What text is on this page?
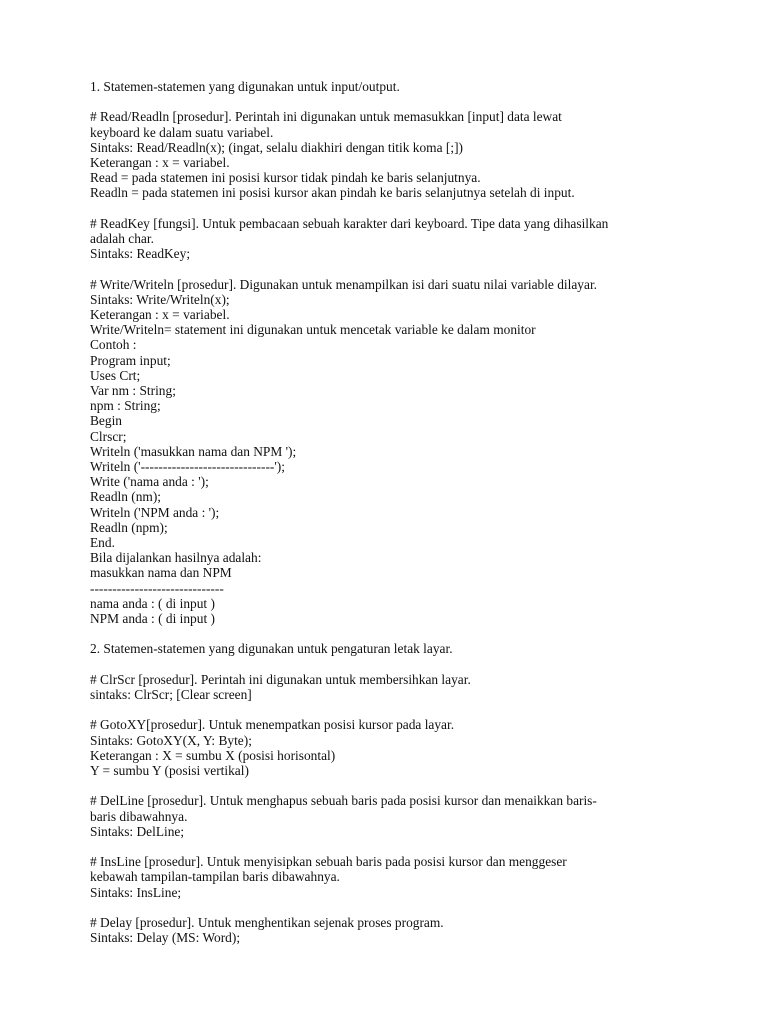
1. Statemen-statemen yang digunakan untuk input/output.
# Read/Readln [prosedur]. Perintah ini digunakan untuk memasukkan [input] data lewat
keyboard ke dalam suatu variabel.
Sintaks: Read/Readln(x); (ingat, selalu diakhiri dengan titik koma [;])
Keterangan : x = variabel.
Read = pada statemen ini posisi kursor tidak pindah ke baris selanjutnya.
Readln = pada statemen ini posisi kursor akan pindah ke baris selanjutnya setelah di input.
# ReadKey [fungsi]. Untuk pembacaan sebuah karakter dari keyboard. Tipe data yang dihasilkan
adalah char.
Sintaks: ReadKey;
# Write/Writeln [prosedur]. Digunakan untuk menampilkan isi dari suatu nilai variable dilayar.
Sintaks: Write/Writeln(x);
Keterangan : x = variabel.
Write/Writeln= statement ini digunakan untuk mencetak variable ke dalam monitor
Contoh :
Program input;
Uses Crt;
Var nm : String;
npm : String;
Begin
Clrscr;
Writeln ('masukkan nama dan NPM ');
Writeln ('------------------------------');
Write ('nama anda : ');
Readln (nm);
Writeln ('NPM anda : ');
Readln (npm);
End.
Bila dijalankan hasilnya adalah:
masukkan nama dan NPM
------------------------------
nama anda : ( di input )
NPM anda : ( di input )
2. Statemen-statemen yang digunakan untuk pengaturan letak layar.
# ClrScr [prosedur]. Perintah ini digunakan untuk membersihkan layar.
sintaks: ClrScr; [Clear screen]
# GotoXY[prosedur]. Untuk menempatkan posisi kursor pada layar.
Sintaks: GotoXY(X, Y: Byte);
Keterangan : X = sumbu X (posisi horisontal)
Y = sumbu Y (posisi vertikal)
# DelLine [prosedur]. Untuk menghapus sebuah baris pada posisi kursor dan menaikkan baris-
baris dibawahnya.
Sintaks: DelLine;
# InsLine [prosedur]. Untuk menyisipkan sebuah baris pada posisi kursor dan menggeser
kebawah tampilan-tampilan baris dibawahnya.
Sintaks: InsLine;
# Delay [prosedur]. Untuk menghentikan sejenak proses program.
Sintaks: Delay (MS: Word);
